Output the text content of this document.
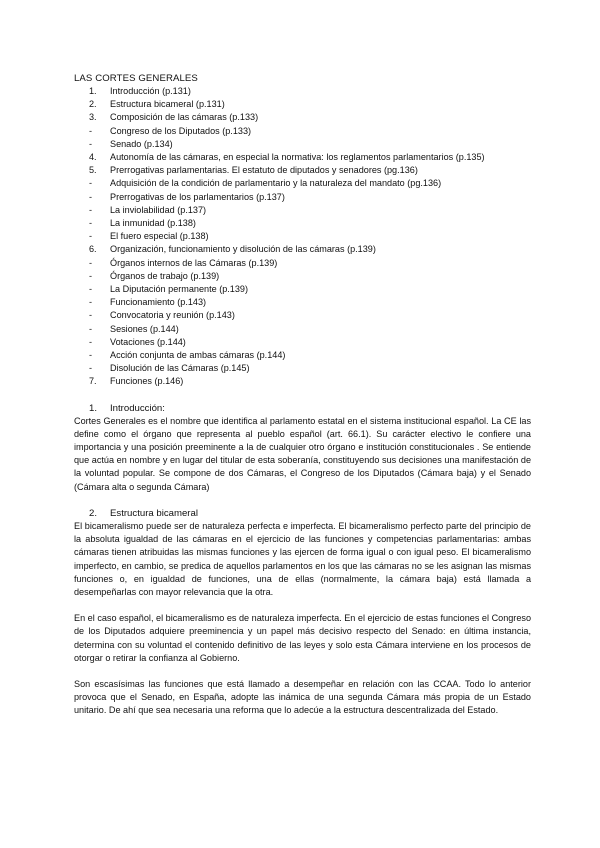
LAS CORTES GENERALES
1.	Introducción (p.131)
2.	Estructura bicameral (p.131)
3.	Composición de las cámaras (p.133)
-	Congreso de los Diputados (p.133)
-	Senado (p.134)
4.	Autonomía de las cámaras, en especial la normativa: los reglamentos parlamentarios (p.135)
5.	Prerrogativas parlamentarias. El estatuto de diputados y senadores (pg.136)
-	Adquisición de la condición de parlamentario y la naturaleza del mandato (pg.136)
-	Prerrogativas de los parlamentarios (p.137)
-	La inviolabilidad (p.137)
-	La inmunidad (p.138)
-	El fuero especial (p.138)
6.	Organización, funcionamiento y disolución de las cámaras (p.139)
-	Órganos internos de las Cámaras (p.139)
-	Órganos de trabajo (p.139)
-	La Diputación permanente (p.139)
-	Funcionamiento (p.143)
-	Convocatoria y reunión (p.143)
-	Sesiones (p.144)
-	Votaciones (p.144)
-	Acción conjunta de ambas cámaras (p.144)
-	Disolución de las Cámaras (p.145)
7.	Funciones (p.146)
1. Introducción:

Cortes Generales es el nombre que identifica al parlamento estatal en el sistema institucional español. La CE las define como el órgano que representa al pueblo español (art. 66.1). Su carácter electivo le confiere una importancia y una posición preeminente a la de cualquier otro órgano e institución constitucionales . Se entiende que actúa en nombre y en lugar del titular de esta soberanía, constituyendo sus decisiones una manifestación de la voluntad popular. Se compone de dos Cámaras, el Congreso de los Diputados (Cámara baja) y el Senado (Cámara alta o segunda Cámara)

2. Estructura bicameral

El bicameralismo puede ser de naturaleza perfecta e imperfecta. El bicameralismo perfecto parte del principio de la absoluta igualdad de las cámaras en el ejercicio de las funciones y competencias parlamentarias: ambas cámaras tienen atribuidas las mismas funciones y las ejercen de forma igual o con igual peso. El bicameralismo imperfecto, en cambio, se predica de aquellos parlamentos en los que las cámaras no se les asignan las mismas funciones o, en igualdad de funciones, una de ellas (normalmente, la cámara baja) está llamada a desempeñarlas con mayor relevancia que la otra.

En el caso español, el bicameralismo es de naturaleza imperfecta. En el ejercicio de estas funciones el Congreso de los Diputados adquiere preeminencia y un papel más decisivo respecto del Senado: en última instancia, determina con su voluntad el contenido definitivo de las leyes y solo esta Cámara interviene en los procesos de otorgar o retirar la confianza al Gobierno.

Son escasísimas las funciones que está llamado a desempeñar en relación con las CCAA. Todo lo anterior provoca que el Senado, en España, adopte las inámica de una segunda Cámara más propia de un Estado unitario. De ahí que sea necesaria una reforma que lo adecúe a la estructura descentralizada del Estado.
